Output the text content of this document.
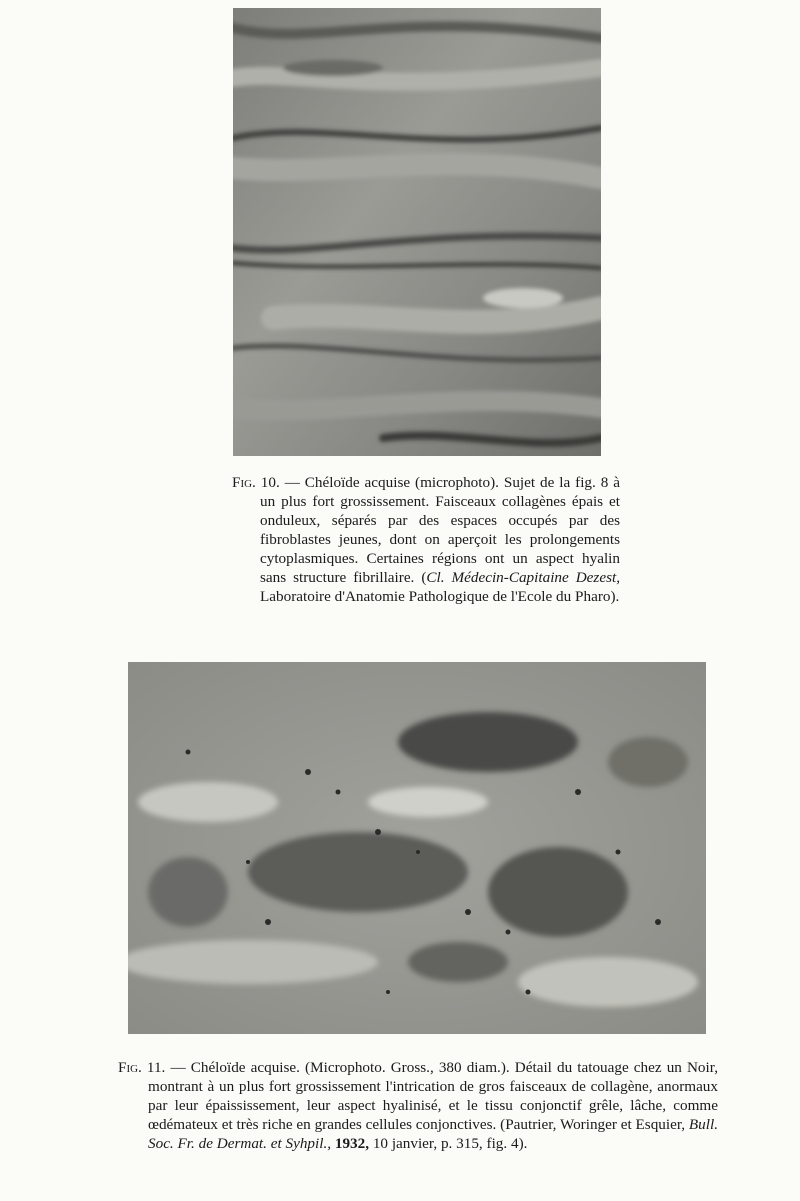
Fig. 10. — Chéloïde acquise (microphoto). Sujet de la fig. 8 à un plus fort grossissement. Faisceaux collagènes épais et onduleux, séparés par des espaces occupés par des fibroblastes jeunes, dont on aperçoit les prolongements cytoplasmiques. Certaines régions ont un aspect hyalin sans structure fibrillaire. (Cl. Médecin-Capitaine Dezest, Laboratoire d'Anatomie Pathologique de l'Ecole du Pharo).
Fig. 11. — Chéloïde acquise. (Microphoto. Gross., 380 diam.). Détail du tatouage chez un Noir, montrant à un plus fort grossissement l'intrication de gros faisceaux de collagène, anormaux par leur épaississement, leur aspect hyalinisé, et le tissu conjonctif grêle, lâche, comme œdémateux et très riche en grandes cellules conjonctives. (Pautrier, Woringer et Esquier, Bull. Soc. Fr. de Dermat. et Syhpil., 1932, 10 janvier, p. 315, fig. 4).
